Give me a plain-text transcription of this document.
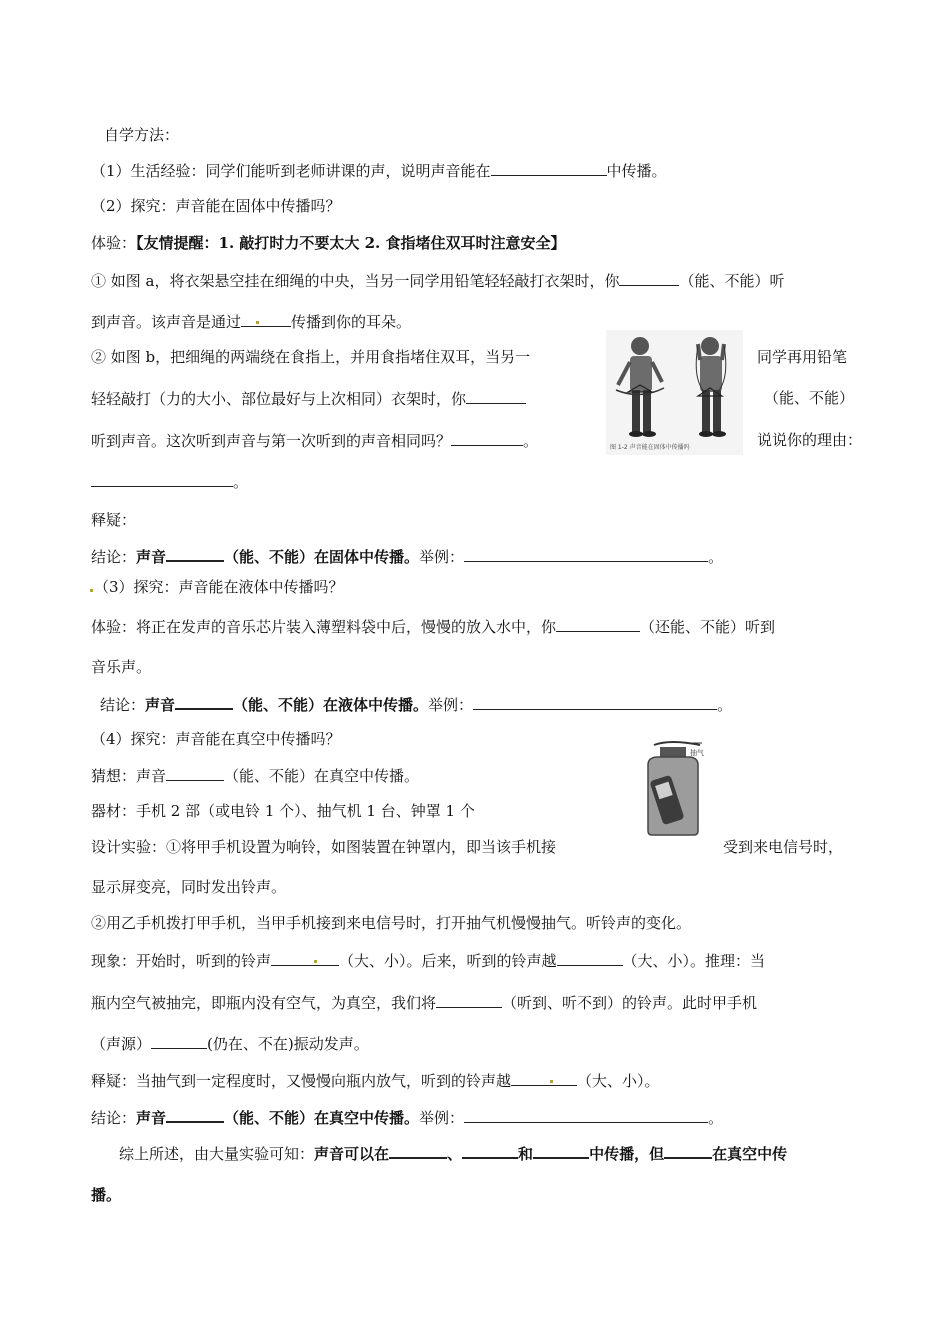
自学方法：
（1）生活经验：同学们能听到老师讲课的声，说明声音能在	中传播。
（2）探究：声音能在固体中传播吗？
体验：【友情提醒：1. 敲打时力不要太大 2. 食指堵住双耳时注意安全】
① 如图 a，将衣架悬空挂在细绳的中央，当另一同学用铅笔轻轻敲打衣架时，你	（能、不能）听
到声音。该声音是通过	传播到你的耳朵。
② 如图 b，把细绳的两端绕在食指上，并用食指堵住双耳，当另一	同学再用铅笔
轻轻敲打（力的大小、部位最好与上次相同）衣架时，你	（能、不能）
听到声音。这次听到声音与第一次听到的声音相同吗？	。	说说你的理由：
。
图 1-2 声音能在固体中传播吗
释疑：
结论：声音	（能、不能）在固体中传播。举例：	。
（3）探究：声音能在液体中传播吗？
体验：将正在发声的音乐芯片装入薄塑料袋中后，慢慢的放入水中，你	（还能、不能）听到
音乐声。
结论：声音	（能、不能）在液体中传播。举例：	。
（4）探究：声音能在真空中传播吗？
猜想：声音	（能、不能）在真空中传播。
器材：手机 2 部（或电铃 1 个）、抽气机 1 台、钟罩 1 个
抽气
设计实验：①将甲手机设置为响铃，如图装置在钟罩内，即当该手机接	受到来电信号时，
显示屏变亮，同时发出铃声。
②用乙手机拨打甲手机，当甲手机接到来电信号时，打开抽气机慢慢抽气。听铃声的变化。
现象：开始时，听到的铃声	（大、小）。后来，听到的铃声越	（大、小）。推理：当
瓶内空气被抽完，即瓶内没有空气，为真空，我们将	（听到、听不到）的铃声。此时甲手机
（声源）	(仍在、不在)振动发声。
释疑：当抽气到一定程度时，又慢慢向瓶内放气，听到的铃声越	（大、小）。
结论：声音	（能、不能）在真空中传播。举例：	。
综上所述，由大量实验可知：声音可以在	、	和	中传播，但	在真空中传
播。
